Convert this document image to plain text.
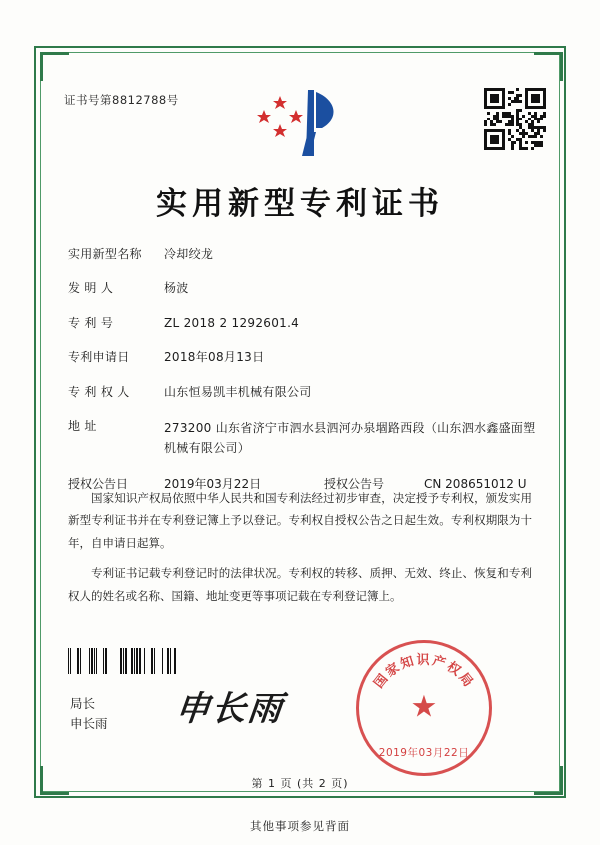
证书号第8812788号
实用新型专利证书
实用新型名称	冷却绞龙
发 明 人	杨波
专 利 号	ZL 2018 2 1292601.4
专利申请日	2018年08月13日
专 利 权 人	山东恒易凯丰机械有限公司
地 址	273200 山东省济宁市泗水县泗河办泉堌路西段（山东泗水鑫盛面塑机械有限公司）
授权公告日	2019年03月22日	授权公告号	CN 208651012 U

国家知识产权局依照中华人民共和国专利法经过初步审查，决定授予专利权，颁发实用新型专利证书并在专利登记簿上予以登记。专利权自授权公告之日起生效。专利权期限为十年，自申请日起算。

专利证书记载专利登记时的法律状况。专利权的转移、质押、无效、终止、恢复和专利权人的姓名或名称、国籍、地址变更等事项记载在专利登记簿上。

局长
申长雨 申长雨
国家知识产权局
★
2019年03月22日
第 1 页 (共 2 页)
其他事项参见背面
